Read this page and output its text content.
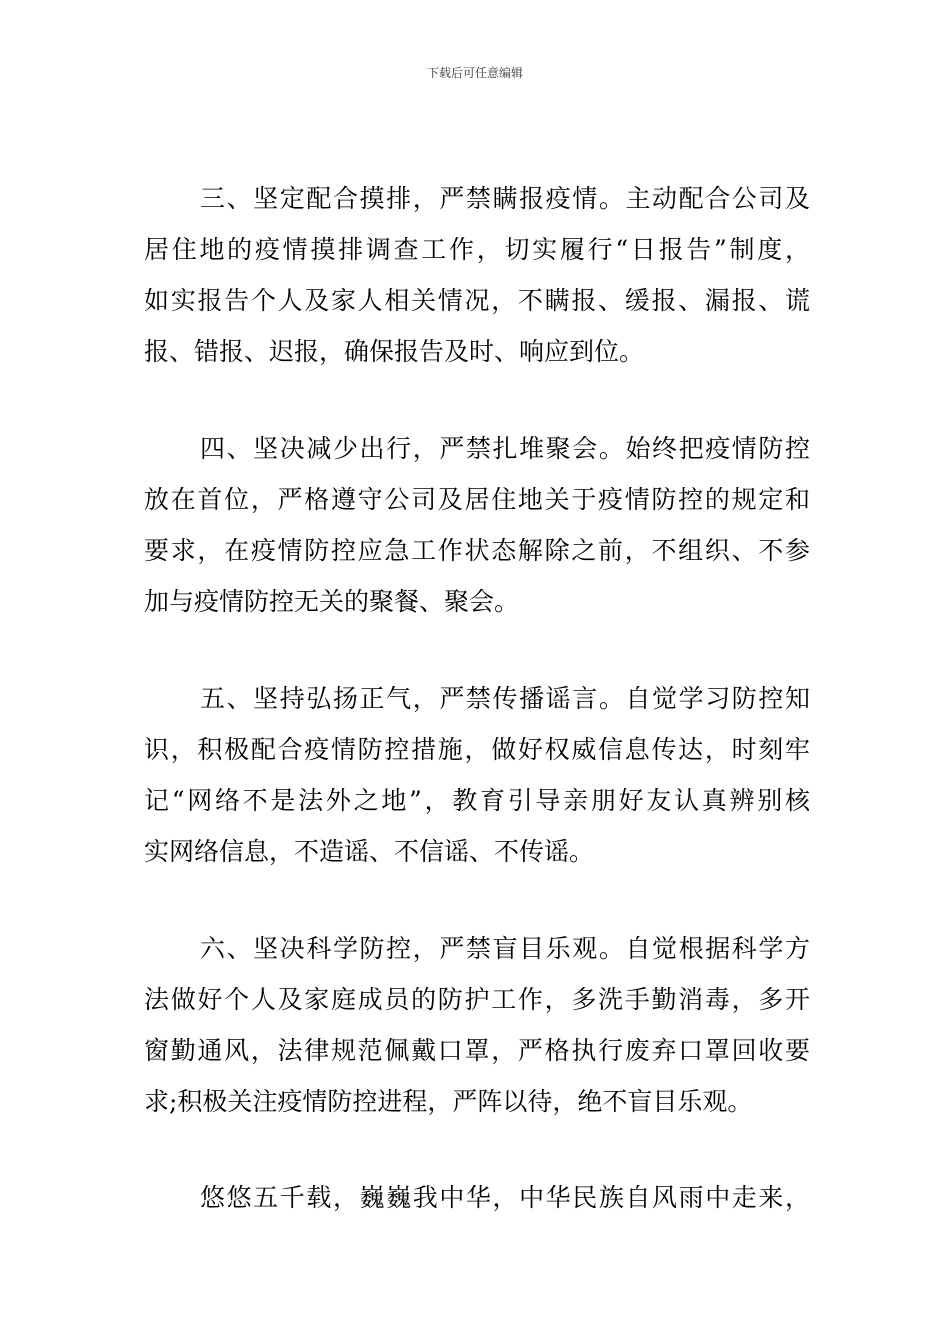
下载后可任意编辑
三、坚定配合摸排，严禁瞒报疫情。主动配合公司及
居住地的疫情摸排调查工作，切实履行“日报告”制度，
如实报告个人及家人相关情况，不瞒报、缓报、漏报、谎
报、错报、迟报，确保报告及时、响应到位。
四、坚决减少出行，严禁扎堆聚会。始终把疫情防控
放在首位，严格遵守公司及居住地关于疫情防控的规定和
要求，在疫情防控应急工作状态解除之前，不组织、不参
加与疫情防控无关的聚餐、聚会。
五、坚持弘扬正气，严禁传播谣言。自觉学习防控知
识，积极配合疫情防控措施，做好权威信息传达，时刻牢
记“网络不是法外之地”，教育引导亲朋好友认真辨别核
实网络信息，不造谣、不信谣、不传谣。
六、坚决科学防控，严禁盲目乐观。自觉根据科学方
法做好个人及家庭成员的防护工作，多洗手勤消毒，多开
窗勤通风，法律规范佩戴口罩，严格执行废弃口罩回收要
求;积极关注疫情防控进程，严阵以待，绝不盲目乐观。
悠悠五千载，巍巍我中华，中华民族自风雨中走来，
